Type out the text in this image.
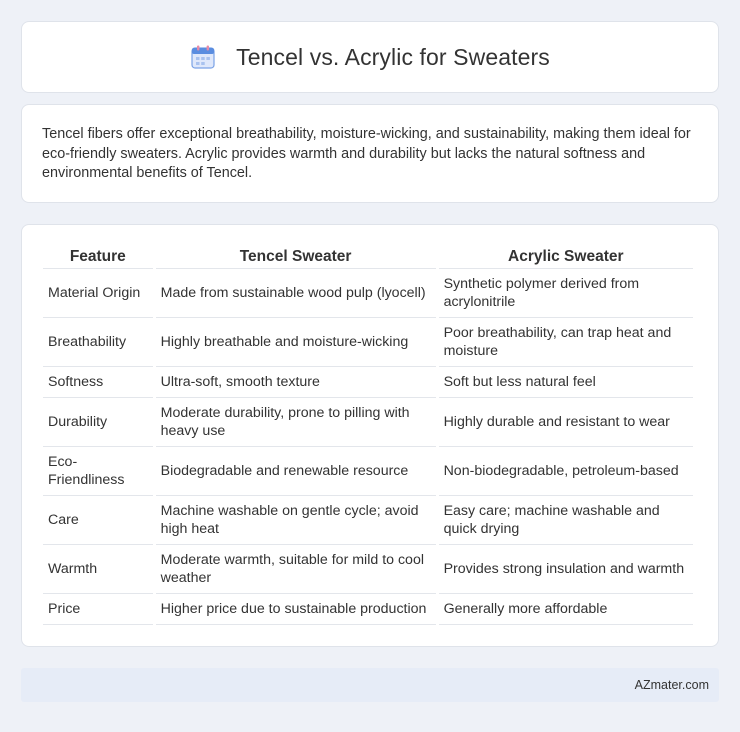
Tencel vs. Acrylic for Sweaters

Tencel fibers offer exceptional breathability, moisture-wicking, and sustainability, making them ideal for eco-friendly sweaters. Acrylic provides warmth and durability but lacks the natural softness and environmental benefits of Tencel.

Feature	Tencel Sweater	Acrylic Sweater
Material Origin	Made from sustainable wood pulp (lyocell)	Synthetic polymer derived from acrylonitrile
Breathability	Highly breathable and moisture-wicking	Poor breathability, can trap heat and moisture
Softness	Ultra-soft, smooth texture	Soft but less natural feel
Durability	Moderate durability, prone to pilling with heavy use	Highly durable and resistant to wear
Eco-Friendliness	Biodegradable and renewable resource	Non-biodegradable, petroleum-based
Care	Machine washable on gentle cycle; avoid high heat	Easy care; machine washable and quick drying
Warmth	Moderate warmth, suitable for mild to cool weather	Provides strong insulation and warmth
Price	Higher price due to sustainable production	Generally more affordable
AZmater.com
